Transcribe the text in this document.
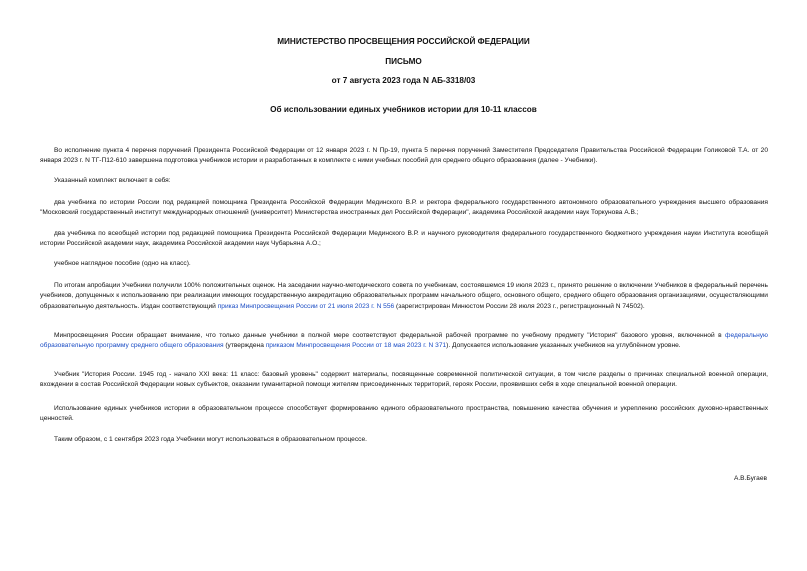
МИНИСТЕРСТВО ПРОСВЕЩЕНИЯ РОССИЙСКОЙ ФЕДЕРАЦИИ
ПИСЬМО
от 7 августа 2023 года N АБ-3318/03
Об использовании единых учебников истории для 10-11 классов
Во исполнение пункта 4 перечня поручений Президента Российской Федерации от 12 января 2023 г. N Пр-19, пункта 5 перечня поручений Заместителя Председателя Правительства Российской Федерации Голиковой Т.А. от 20 января 2023 г. N ТГ-П12-610 завершена подготовка учебников истории и разработанных в комплекте с ними учебных пособий для среднего общего образования (далее - Учебники).
Указанный комплект включает в себя:
два учебника по истории России под редакцией помощника Президента Российской Федерации Мединского В.Р. и ректора федерального государственного автономного образовательного учреждения высшего образования "Московский государственный институт международных отношений (университет) Министерства иностранных дел Российской Федерации", академика Российской академии наук Торкунова А.В.;
два учебника по всеобщей истории под редакцией помощника Президента Российской Федерации Мединского В.Р. и научного руководителя федерального государственного бюджетного учреждения науки Института всеобщей истории Российской академии наук, академика Российской академии наук Чубарьяна А.О.;
учебное наглядное пособие (одно на класс).
По итогам апробации Учебники получили 100% положительных оценок. На заседании научно-методического совета по учебникам, состоявшемся 19 июля 2023 г., принято решение о включении Учебников в федеральный перечень учебников, допущенных к использованию при реализации имеющих государственную аккредитацию образовательных программ начального общего, основного общего, среднего общего образования организациями, осуществляющими образовательную деятельность. Издан соответствующий приказ Минпросвещения России от 21 июля 2023 г. N 556 (зарегистрирован Минюстом России 28 июля 2023 г., регистрационный N 74502).
Минпросвещения России обращает внимание, что только данные учебники в полной мере соответствуют федеральной рабочей программе по учебному предмету "История" базового уровня, включенной в федеральную образовательную программу среднего общего образования (утверждена приказом Минпросвещения России от 18 мая 2023 г. N 371). Допускается использование указанных учебников на углублённом уровне.
Учебник "История России. 1945 год - начало XXI века: 11 класс: базовый уровень" содержит материалы, посвященные современной политической ситуации, в том числе разделы о причинах специальной военной операции, вхождении в состав Российской Федерации новых субъектов, оказании гуманитарной помощи жителям присоединенных территорий, героях России, проявивших себя в ходе специальной военной операции.
Использование единых учебников истории в образовательном процессе способствует формированию единого образовательного пространства, повышению качества обучения и укреплению российских духовно-нравственных ценностей.
Таким образом, с 1 сентября 2023 года Учебники могут использоваться в образовательном процессе.
А.В.Бугаев
